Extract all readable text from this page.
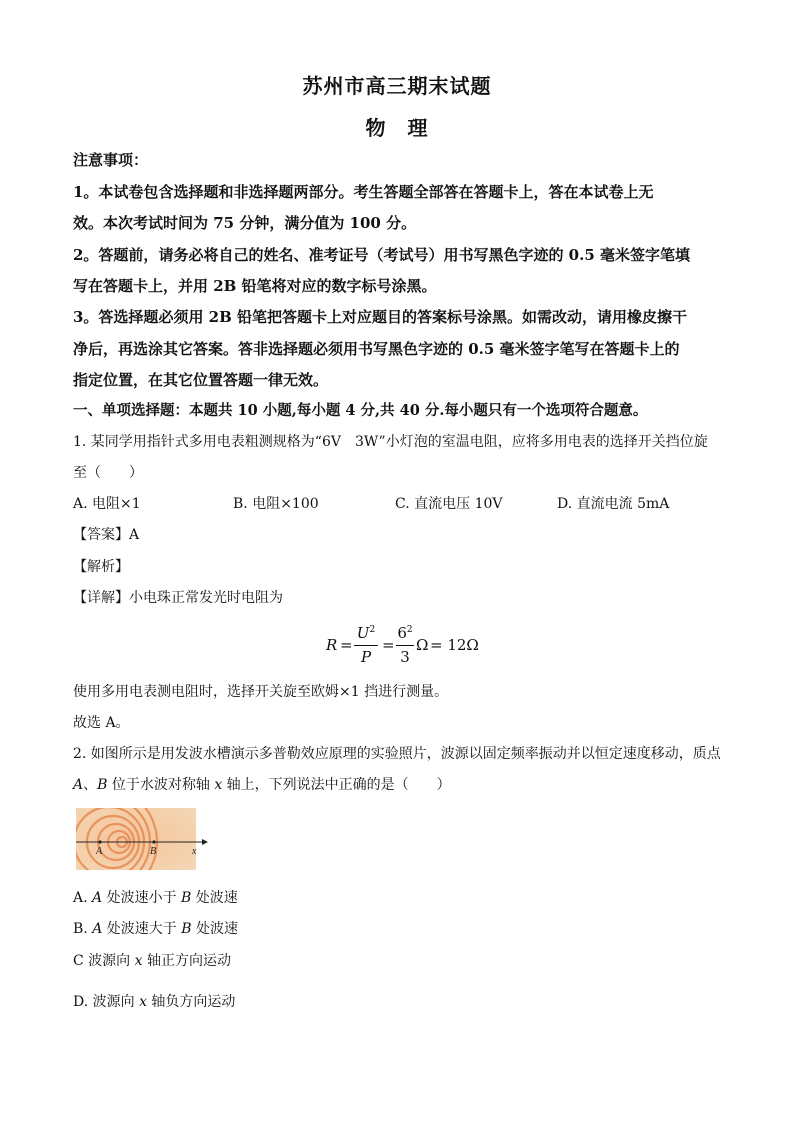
苏州市高三期末试题
物　理
注意事项：
1。本试卷包含选择题和非选择题两部分。考生答题全部答在答题卡上，答在本试卷上无
效。本次考试时间为 75 分钟，满分值为 100 分。
2。答题前，请务必将自己的姓名、准考证号（考试号）用书写黑色字迹的 0.5 毫米签字笔填
写在答题卡上，并用 2B 铅笔将对应的数字标号涂黑。
3。答选择题必须用 2B 铅笔把答题卡上对应题目的答案标号涂黑。如需改动，请用橡皮擦干
净后，再选涂其它答案。答非选择题必须用书写黑色字迹的 0.5 毫米签字笔写在答题卡上的
指定位置，在其它位置答题一律无效。
一、单项选择题：本题共 10 小题,每小题 4 分,共 40 分.每小题只有一个选项符合题意。
1. 某同学用指针式多用电表粗测规格为“6V　3W”小灯泡的室温电阻，应将多用电表的选择开关挡位旋
至（　　）
A. 电阻×1	B. 电阻×100	C. 直流电压 10V	D. 直流电流 5mA
【答案】A
【解析】
【详解】小电珠正常发光时电阻为
R =
$U^2$
P
=
$6^2$
3
Ω = 12Ω
使用多用电表测电阻时，选择开关旋至欧姆×1 挡进行测量。
故选 A。
2. 如图所示是用发波水槽演示多普勒效应原理的实验照片，波源以固定频率振动并以恒定速度移动，质点
A、B 位于水波对称轴 x 轴上，下列说法中正确的是（　　）
A	B	x
A. A 处波速小于 B 处波速
B. A 处波速大于 B 处波速
C 波源向 x 轴正方向运动
D. 波源向 x 轴负方向运动
